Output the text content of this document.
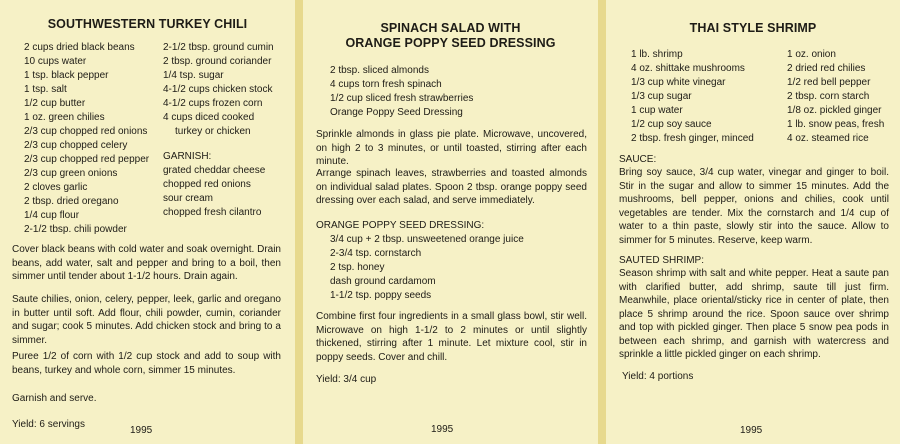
SOUTHWESTERN TURKEY CHILI
2 cups dried black beans
10 cups water
1 tsp. black pepper
1 tsp. salt
1/2 cup butter
1 oz. green chilies
2/3 cup chopped red onions
2/3 cup chopped celery
2/3 cup chopped red pepper
2/3 cup green onions
2 cloves garlic
2 tbsp. dried oregano
1/4 cup flour
2-1/2 tbsp. chili powder
2-1/2 tbsp. ground cumin
2 tbsp. ground coriander
1/4 tsp. sugar
4-1/2 cups chicken stock
4-1/2 cups frozen corn
4 cups diced cooked
turkey or chicken
GARNISH:
grated cheddar cheese
chopped red onions
sour cream
chopped fresh cilantro
Cover black beans with cold water and soak overnight. Drain beans, add water, salt and pepper and bring to a boil, then simmer until tender about 1-1/2 hours. Drain again.
Saute chilies, onion, celery, pepper, leek, garlic and oregano in butter until soft. Add flour, chili powder, cumin, coriander and sugar; cook 5 minutes. Add chicken stock and bring to a simmer.
Puree 1/2 of corn with 1/2 cup stock and add to soup with beans, turkey and whole corn, simmer 15 minutes.
Garnish and serve.
Yield: 6 servings
1995
SPINACH SALAD WITH
ORANGE POPPY SEED DRESSING
2 tbsp. sliced almonds
4 cups torn fresh spinach
1/2 cup sliced fresh strawberries
Orange Poppy Seed Dressing
Sprinkle almonds in glass pie plate. Microwave, uncovered, on high 2 to 3 minutes, or until toasted, stirring after each minute.
Arrange spinach leaves, strawberries and toasted almonds on individual salad plates. Spoon 2 tbsp. orange poppy seed dressing over each salad, and serve immediately.
ORANGE POPPY SEED DRESSING:
3/4 cup + 2 tbsp. unsweetened orange juice
2-3/4 tsp. cornstarch
2 tsp. honey
dash ground cardamom
1-1/2 tsp. poppy seeds
Combine first four ingredients in a small glass bowl, stir well. Microwave on high 1-1/2 to 2 minutes or until slightly thickened, stirring after 1 minute. Let mixture cool, stir in poppy seeds. Cover and chill.
Yield: 3/4 cup
1995
THAI STYLE SHRIMP
1 lb. shrimp
4 oz. shittake mushrooms
1/3 cup white vinegar
1/3 cup sugar
1 cup water
1/2 cup soy sauce
2 tbsp. fresh ginger, minced
1 oz. onion
2 dried red chilies
1/2 red bell pepper
2 tbsp. corn starch
1/8 oz. pickled ginger
1 lb. snow peas, fresh
4 oz. steamed rice
SAUCE:
Bring soy sauce, 3/4 cup water, vinegar and ginger to boil. Stir in the sugar and allow to simmer 15 minutes. Add the mushrooms, bell pepper, onions and chilies, cook until vegetables are tender. Mix the cornstarch and 1/4 cup of water to a thin paste, slowly stir into the sauce. Allow to simmer for 5 minutes. Reserve, keep warm.
SAUTED SHRIMP:
Season shrimp with salt and white pepper. Heat a saute pan with clarified butter, add shrimp, saute till just firm. Meanwhile, place oriental/sticky rice in center of plate, then place 5 shrimp around the rice. Spoon sauce over shrimp and top with pickled ginger. Then place 5 snow pea pods in between each shrimp, and garnish with watercress and sprinkle a little pickled ginger on each shrimp.
Yield: 4 portions
1995
